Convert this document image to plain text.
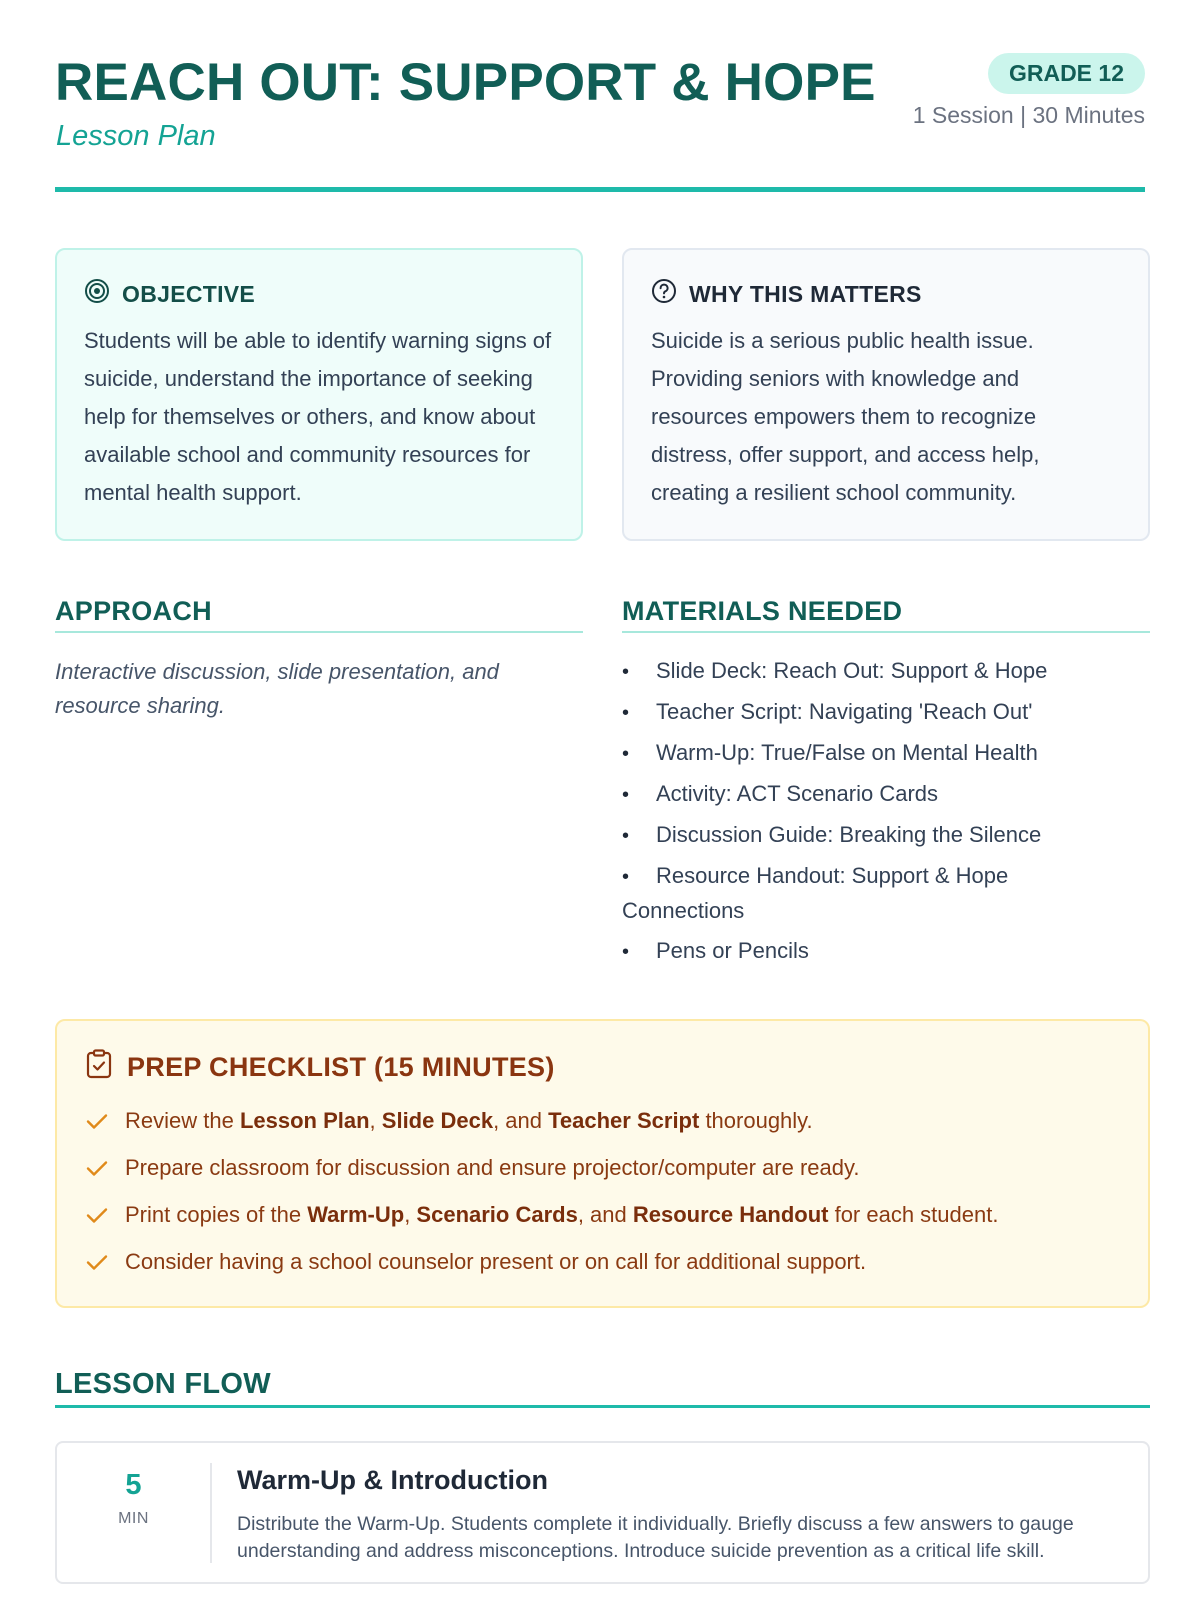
REACH OUT: SUPPORT & HOPE
Lesson Plan
GRADE 12
1 Session | 30 Minutes
OBJECTIVE
Students will be able to identify warning signs of suicide, understand the importance of seeking help for themselves or others, and know about available school and community resources for mental health support.
WHY THIS MATTERS
Suicide is a serious public health issue. Providing seniors with knowledge and resources empowers them to recognize distress, offer support, and access help, creating a resilient school community.
APPROACH
Interactive discussion, slide presentation, and resource sharing.
MATERIALS NEEDED
• Slide Deck: Reach Out: Support & Hope
• Teacher Script: Navigating 'Reach Out'
• Warm-Up: True/False on Mental Health
• Activity: ACT Scenario Cards
• Discussion Guide: Breaking the Silence
• Resource Handout: Support & Hope Connections
• Pens or Pencils
PREP CHECKLIST (15 MINUTES)
Review the Lesson Plan, Slide Deck, and Teacher Script thoroughly.
Prepare classroom for discussion and ensure projector/computer are ready.
Print copies of the Warm-Up, Scenario Cards, and Resource Handout for each student.
Consider having a school counselor present or on call for additional support.
LESSON FLOW
5
MIN
Warm-Up & Introduction
Distribute the Warm-Up. Students complete it individually. Briefly discuss a few answers to gauge understanding and address misconceptions. Introduce suicide prevention as a critical life skill.
